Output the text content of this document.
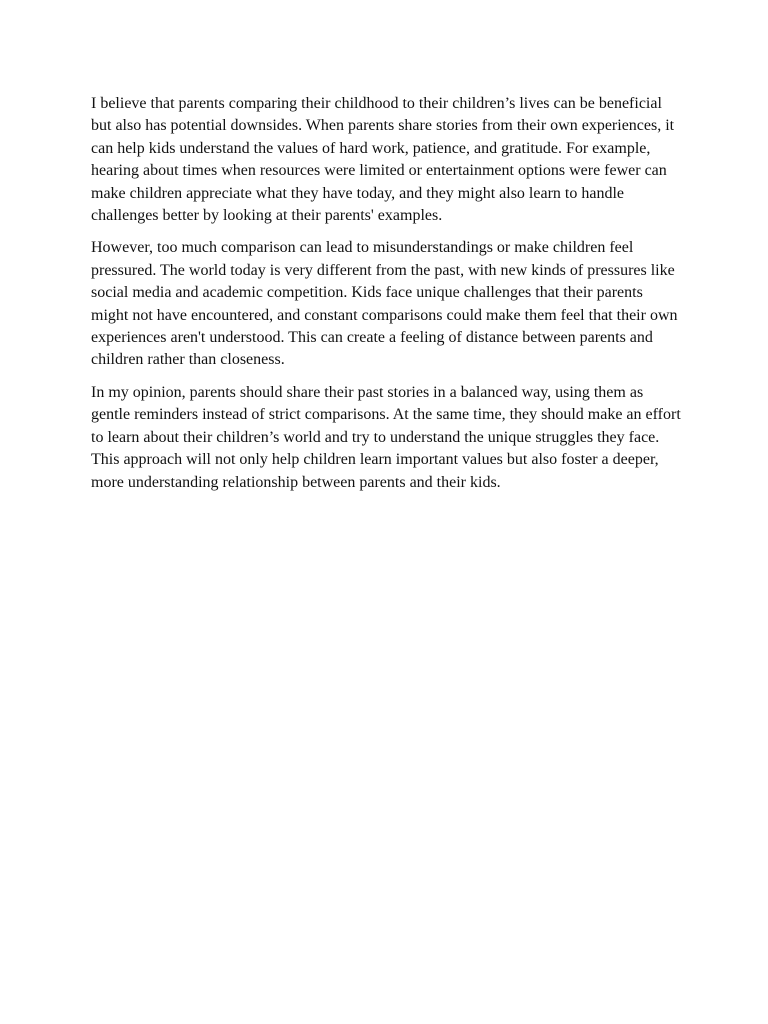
I believe that parents comparing their childhood to their children’s lives can be beneficial but also has potential downsides. When parents share stories from their own experiences, it can help kids understand the values of hard work, patience, and gratitude. For example, hearing about times when resources were limited or entertainment options were fewer can make children appreciate what they have today, and they might also learn to handle challenges better by looking at their parents' examples.

However, too much comparison can lead to misunderstandings or make children feel pressured. The world today is very different from the past, with new kinds of pressures like social media and academic competition. Kids face unique challenges that their parents might not have encountered, and constant comparisons could make them feel that their own experiences aren't understood. This can create a feeling of distance between parents and children rather than closeness.

In my opinion, parents should share their past stories in a balanced way, using them as gentle reminders instead of strict comparisons. At the same time, they should make an effort to learn about their children’s world and try to understand the unique struggles they face. This approach will not only help children learn important values but also foster a deeper, more understanding relationship between parents and their kids.
